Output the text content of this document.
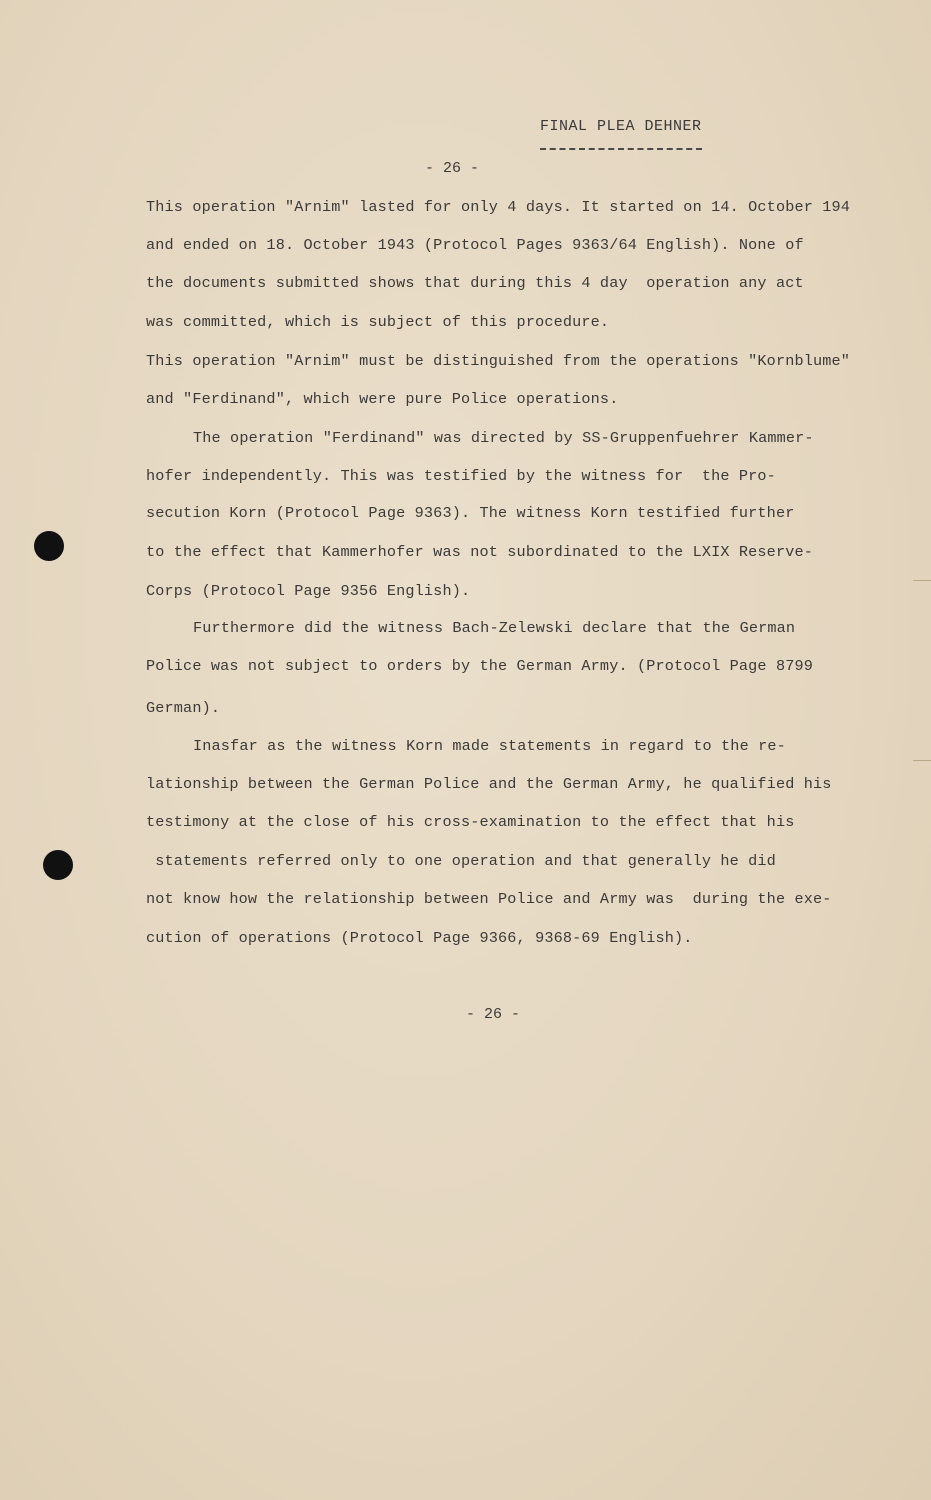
FINAL PLEA DEHNER
- 26 -
This operation "Arnim" lasted for only 4 days. It started on 14. October 194
and ended on 18. October 1943 (Protocol Pages 9363/64 English). None of
the documents submitted shows that during this 4 day  operation any act
was committed, which is subject of this procedure.
This operation "Arnim" must be distinguished from the operations "Kornblume"
and "Ferdinand", which were pure Police operations.
The operation "Ferdinand" was directed by SS-Gruppenfuehrer Kammer-
hofer independently. This was testified by the witness for  the Pro-
secution Korn (Protocol Page 9363). The witness Korn testified further
to the effect that Kammerhofer was not subordinated to the LXIX Reserve-
Corps (Protocol Page 9356 English).
Furthermore did the witness Bach-Zelewski declare that the German
Police was not subject to orders by the German Army. (Protocol Page 8799
German).
Inasfar as the witness Korn made statements in regard to the re-
lationship between the German Police and the German Army, he qualified his
testimony at the close of his cross-examination to the effect that his
statements referred only to one operation and that generally he did
not know how the relationship between Police and Army was  during the exe-
cution of operations (Protocol Page 9366, 9368-69 English).
- 26 -
